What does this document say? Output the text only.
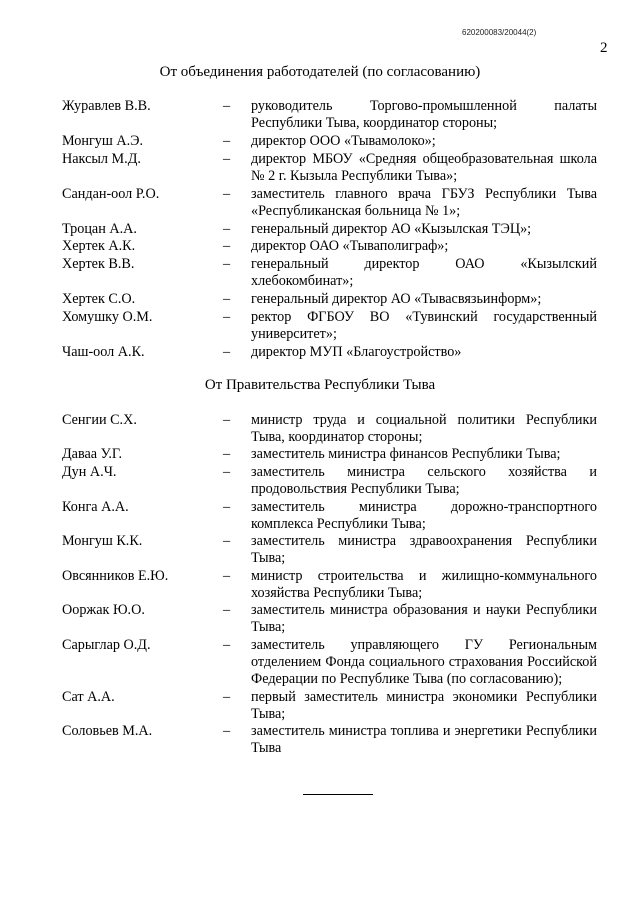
620200083/20044(2)
2
От объединения работодателей (по согласованию)
Журавлев В.В.	– руководитель Торгово-промышленной палаты Республики Тыва, координатор стороны;
Монгуш А.Э.	– директор ООО «Тывамолоко»;
Наксыл М.Д.	– директор МБОУ «Средняя общеобразовательная школа № 2 г. Кызыла Республики Тыва»;
Сандан-оол Р.О.	– заместитель главного врача ГБУЗ Республики Тыва «Республиканская больница № 1»;
Троцан А.А.	– генеральный директор АО «Кызылская ТЭЦ»;
Хертек А.К.	– директор ОАО «Тываполиграф»;
Хертек В.В.	– генеральный директор ОАО «Кызылский хлебокомбинат»;
Хертек С.О.	– генеральный директор АО «Тывасвязьинформ»;
Хомушку О.М.	– ректор ФГБОУ ВО «Тувинский государственный университет»;
Чаш-оол А.К.	– директор МУП «Благоустройство»
От Правительства Республики Тыва
Сенгии С.Х.	– министр труда и социальной политики Республики Тыва, координатор стороны;
Даваа У.Г.	– заместитель министра финансов Республики Тыва;
Дун А.Ч.	– заместитель министра сельского хозяйства и продовольствия Республики Тыва;
Конга А.А.	– заместитель министра дорожно-транспортного комплекса Республики Тыва;
Монгуш К.К.	– заместитель министра здравоохранения Республики Тыва;
Овсянников Е.Ю.	– министр строительства и жилищно-коммунального хозяйства Республики Тыва;
Ооржак Ю.О.	– заместитель министра образования и науки Республики Тыва;
Сарыглар О.Д.	– заместитель управляющего ГУ Региональным отделением Фонда социального страхования Российской Федерации по Республике Тыва (по согласованию);
Сат А.А.	– первый заместитель министра экономики Республики Тыва;
Соловьев М.А.	– заместитель министра топлива и энергетики Республики Тыва
